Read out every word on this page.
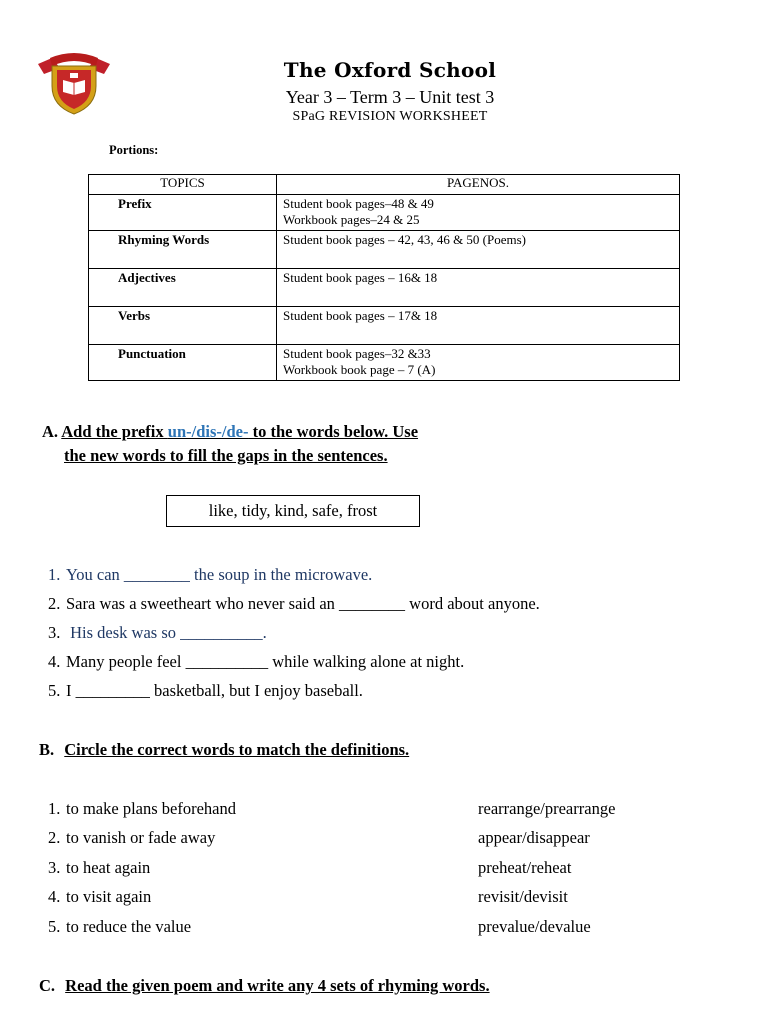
The Oxford School
Year 3 – Term 3 – Unit test 3
SPaG REVISION WORKSHEET
Portions:
TOPICS	PAGENOS.
Prefix	Student book pages–48 & 49
Workbook pages–24 & 25

Rhyming Words	Student book pages – 42, 43, 46 & 50 (Poems)

Adjectives	Student book pages – 16& 18

Verbs	Student book pages – 17& 18

Punctuation	Student book pages–32 &33
Workbook book page – 7 (A)
A. Add the prefix un-/dis-/de- to the words below. Use
the new words to fill the gaps in the sentences.
like, tidy, kind, safe, frost
1. You can ________ the soup in the microwave.
2. Sara was a sweetheart who never said an ________ word about anyone.
3. His desk was so __________.
4. Many people feel __________ while walking alone at night.
5. I _________ basketball, but I enjoy baseball.
B. Circle the correct words to match the definitions.
1. to make plans beforehand	rearrange/prearrange
2. to vanish or fade away	appear/disappear
3. to heat again	preheat/reheat
4. to visit again	revisit/devisit
5. to reduce the value	prevalue/devalue
C. Read the given poem and write any 4 sets of rhyming words.
